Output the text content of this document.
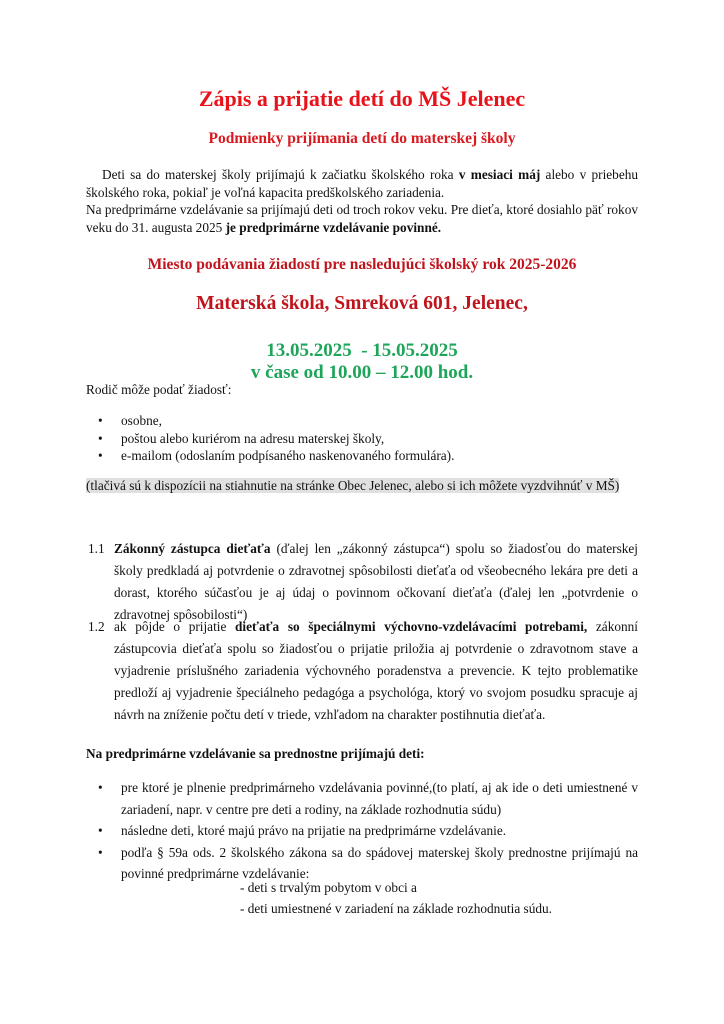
Zápis a prijatie detí do MŠ Jelenec
Podmienky prijímania detí do materskej školy
Deti sa do materskej školy prijímajú k začiatku školského roka v mesiaci máj alebo v priebehu školského roka, pokiaľ je voľná kapacita predškolského zariadenia.
Na predprimárne vzdelávanie sa prijímajú deti od troch rokov veku. Pre dieťa, ktoré dosiahlo päť rokov veku do 31. augusta 2025 je predprimárne vzdelávanie povinné.
Miesto podávania žiadostí pre nasledujúci školský rok 2025-2026
Materská škola, Smreková 601, Jelenec,
13.05.2025  - 15.05.2025
v čase od 10.00 – 12.00 hod.
Rodič môže podať žiadosť:
• osobne,
• poštou alebo kuriérom na adresu materskej školy,
• e-mailom (odoslaním podpísaného naskenovaného formulára).
(tlačivá sú k dispozícii na stiahnutie na stránke Obec Jelenec, alebo si ich môžete vyzdvihnúť v MŠ)
1.1 Zákonný zástupca dieťaťa (ďalej len „zákonný zástupca“) spolu so žiadosťou do materskej školy predkladá aj potvrdenie o zdravotnej spôsobilosti dieťaťa od všeobecného lekára pre deti a dorast, ktorého súčasťou je aj údaj o povinnom očkovaní dieťaťa (ďalej len „potvrdenie o zdravotnej spôsobilosti“)
1.2 ak pôjde o prijatie dieťaťa so špeciálnymi výchovno-vzdelávacími potrebami, zákonní zástupcovia dieťaťa spolu so žiadosťou o prijatie priložia aj potvrdenie o zdravotnom stave a vyjadrenie príslušného zariadenia výchovného poradenstva a prevencie. K tejto problematike predloží aj vyjadrenie špeciálneho pedagóga a psychológa, ktorý vo svojom posudku spracuje aj návrh na zníženie počtu detí v triede, vzhľadom na charakter postihnutia dieťaťa.
Na predprimárne vzdelávanie sa prednostne prijímajú deti:
• pre ktoré je plnenie predprimárneho vzdelávania povinné,(to platí, aj ak ide o deti umiestnené v zariadení, napr. v centre pre deti a rodiny, na základe rozhodnutia súdu)
• následne deti, ktoré majú právo na prijatie na predprimárne vzdelávanie.
• podľa § 59a ods. 2 školského zákona sa do spádovej materskej školy prednostne prijímajú na povinné predprimárne vzdelávanie:
- deti s trvalým pobytom v obci a
- deti umiestnené v zariadení na základe rozhodnutia súdu.
